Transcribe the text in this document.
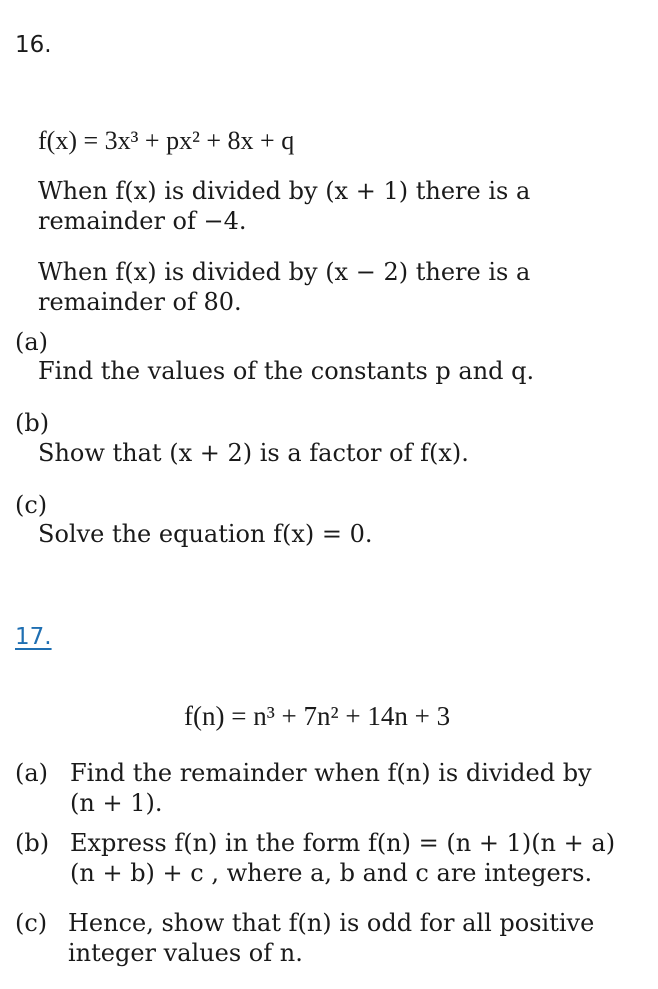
16.
f(x) = 3x³ + px² + 8x + q
When f(x) is divided by (x + 1) there is a
remainder of −4.
When f(x) is divided by (x − 2) there is a
remainder of 80.
(a)
Find the values of the constants p and q.
(b)
Show that (x + 2) is a factor of f(x).
(c)
Solve the equation f(x) = 0.
17.
f(n) = n³ + 7n² + 14n + 3
(a) Find the remainder when f(n) is divided by
(n + 1).
(b) Express f(n) in the form f(n) = (n + 1)(n + a)
(n + b) + c , where a, b and c are integers.
(c) Hence, show that f(n) is odd for all positive
integer values of n.
